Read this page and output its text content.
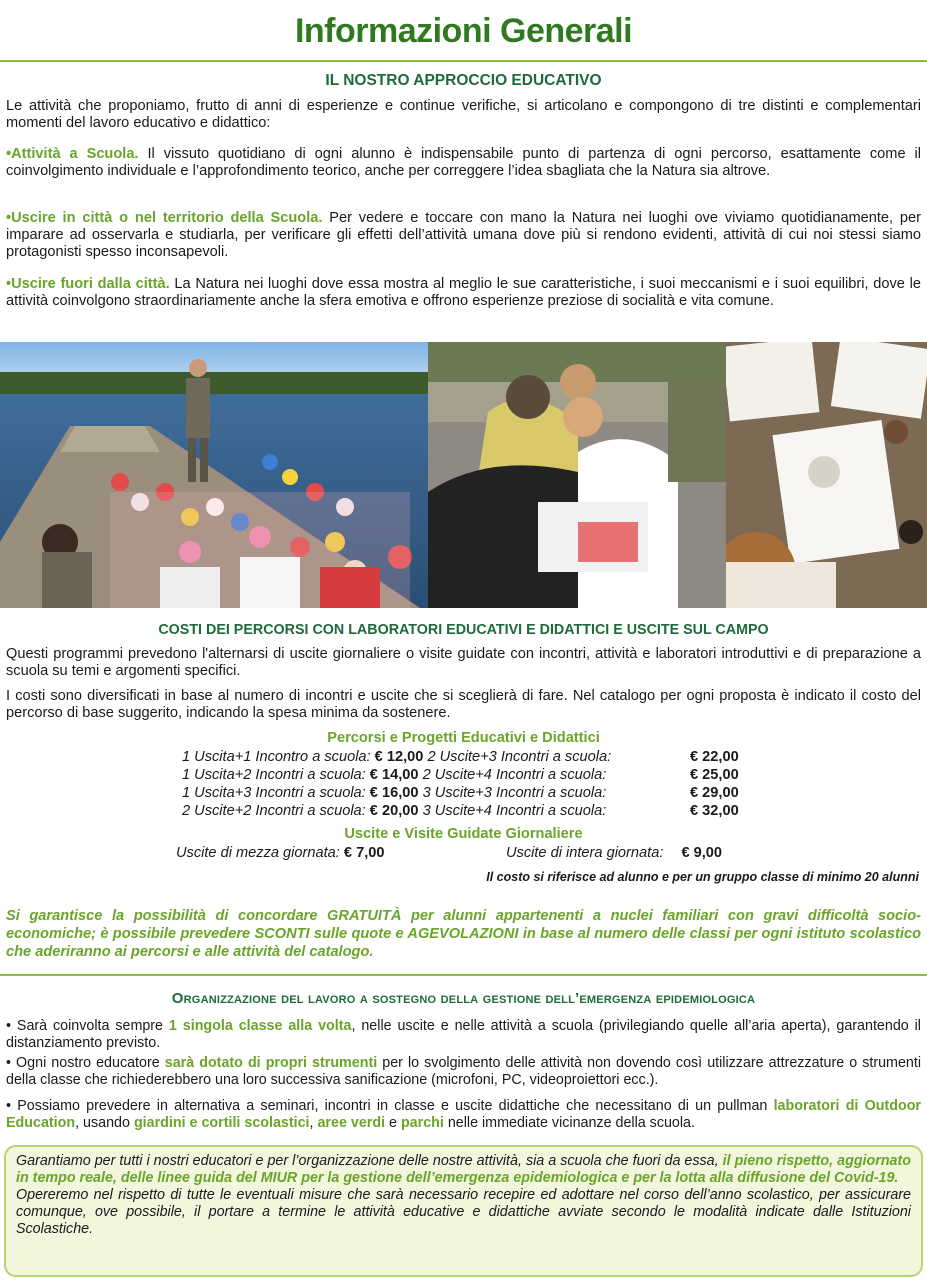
Informazioni Generali
IL NOSTRO APPROCCIO EDUCATIVO
Le attività che proponiamo, frutto di anni di esperienze e continue verifiche, si articolano e compongono di tre distinti e complementari momenti del lavoro educativo e didattico:
•Attività a Scuola. Il vissuto quotidiano di ogni alunno è indispensabile punto di partenza di ogni percorso, esattamente come il coinvolgimento individuale e l’approfondimento teorico, anche per correggere l’idea sbagliata che la Natura sia altrove.
•Uscire in città o nel territorio della Scuola. Per vedere e toccare con mano la Natura nei luoghi ove viviamo quotidianamente, per imparare ad osservarla e studiarla, per verificare gli effetti dell’attività umana dove più si rendono evidenti, attività di cui noi stessi siamo protagonisti spesso inconsapevoli.
•Uscire fuori dalla città. La Natura nei luoghi dove essa mostra al meglio le sue caratteristiche, i suoi meccanismi e i suoi equilibri, dove le attività coinvolgono straordinariamente anche la sfera emotiva e offrono esperienze preziose di socialità e vita comune.
COSTI DEI PERCORSI CON LABORATORI EDUCATIVI E DIDATTICI E USCITE SUL CAMPO
Questi programmi prevedono l'alternarsi di uscite giornaliere o visite guidate con incontri, attività e laboratori introduttivi e di preparazione a scuola su temi e argomenti specifici.
I costi sono diversificati in base al numero di incontri e uscite che si sceglierà di fare. Nel catalogo per ogni proposta è indicato il costo del percorso di base suggerito, indicando la spesa minima da sostenere.
Percorsi e Progetti Educativi e Didattici
1 Uscita+1 Incontro a scuola: € 12,00 2 Uscite+3 Incontri a scuola:	€ 22,00
1 Uscita+2 Incontri a scuola: € 14,00 2 Uscite+4 Incontri a scuola:	€ 25,00
1 Uscita+3 Incontri a scuola: € 16,00 3 Uscite+3 Incontri a scuola:	€ 29,00
2 Uscite+2 Incontri a scuola: € 20,00 3 Uscite+4 Incontri a scuola:	€ 32,00
Uscite e Visite Guidate Giornaliere
Uscite di mezza giornata: € 7,00	Uscite di intera giornata: € 9,00
Il costo si riferisce ad alunno e per un gruppo classe di minimo 20 alunni
Si garantisce la possibilità di concordare GRATUITÀ per alunni appartenenti a nuclei familiari con gravi difficoltà socio-economiche; è possibile prevedere SCONTI sulle quote e AGEVOLAZIONI in base al numero delle classi per ogni istituto scolastico che aderiranno ai percorsi e alle attività del catalogo.
Organizzazione del lavoro a sostegno della gestione dell’emergenza epidemiologica
• Sarà coinvolta sempre 1 singola classe alla volta, nelle uscite e nelle attività a scuola (privilegiando quelle all’aria aperta), garantendo il distanziamento previsto.
• Ogni nostro educatore sarà dotato di propri strumenti per lo svolgimento delle attività non dovendo così utilizzare attrezzature o strumenti della classe che richiederebbero una loro successiva sanificazione (microfoni, PC, videoproiettori ecc.).
• Possiamo prevedere in alternativa a seminari, incontri in classe e uscite didattiche che necessitano di un pullman laboratori di Outdoor Education, usando giardini e cortili scolastici, aree verdi e parchi nelle immediate vicinanze della scuola.
Garantiamo per tutti i nostri educatori e per l’organizzazione delle nostre attività, sia a scuola che fuori da essa, il pieno rispetto, aggiornato in tempo reale, delle linee guida del MIUR per la gestione dell’emergenza epidemiologica e per la lotta alla diffusione del Covid-19.
Opereremo nel rispetto di tutte le eventuali misure che sarà necessario recepire ed adottare nel corso dell’anno scolastico, per assicurare comunque, ove possibile, il portare a termine le attività educative e didattiche avviate secondo le modalità indicate dalle Istituzioni Scolastiche.
